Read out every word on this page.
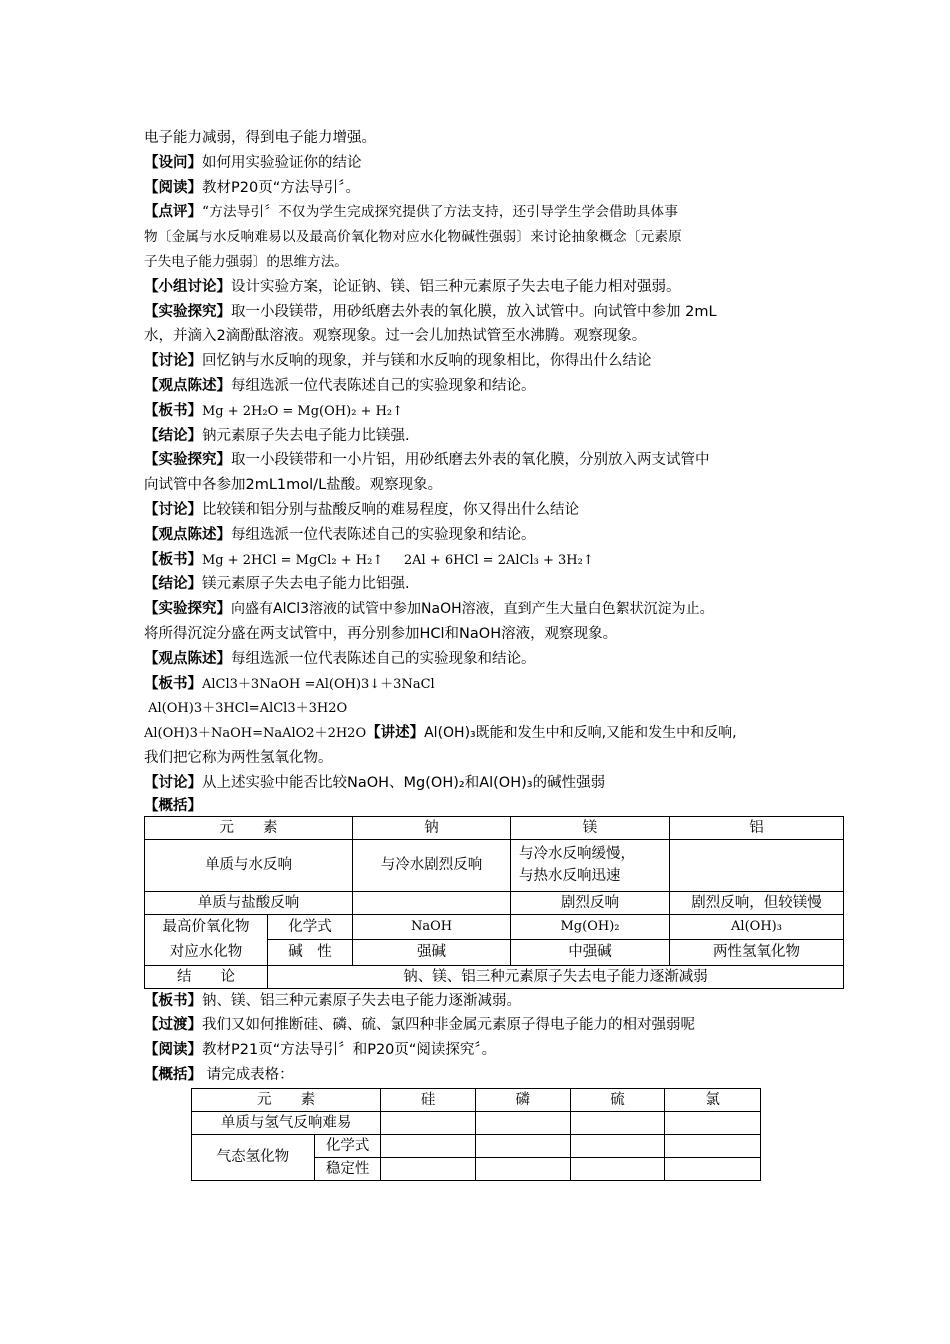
电子能力减弱，得到电子能力增强。
【设问】如何用实验验证你的结论
【阅读】教材P20页“方法导引〞。
【点评】“方法导引〞不仅为学生完成探究提供了方法支持，还引导学生学会借助具体事
物〔金属与水反响难易以及最高价氧化物对应水化物碱性强弱〕来讨论抽象概念〔元素原
子失电子能力强弱〕的思维方法。
【小组讨论】设计实验方案，论证钠、镁、铝三种元素原子失去电子能力相对强弱。
【实验探究】取一小段镁带，用砂纸磨去外表的氧化膜，放入试管中。向试管中参加 2mL
水，并滴入2滴酚酞溶液。观察现象。过一会儿加热试管至水沸腾。观察现象。
【讨论】回忆钠与水反响的现象，并与镁和水反响的现象相比，你得出什么结论
【观点陈述】每组选派一位代表陈述自己的实验现象和结论。
【板书】Mg + 2H₂O = Mg(OH)₂ + H₂↑
【结论】钠元素原子失去电子能力比镁强.
【实验探究】取一小段镁带和一小片铝，用砂纸磨去外表的氧化膜，分别放入两支试管中
向试管中各参加2mL1mol/L盐酸。观察现象。
【讨论】比较镁和铝分别与盐酸反响的难易程度，你又得出什么结论
【观点陈述】每组选派一位代表陈述自己的实验现象和结论。
【板书】Mg + 2HCl = MgCl₂ + H₂↑     2Al + 6HCl = 2AlCl₃ + 3H₂↑
【结论】镁元素原子失去电子能力比铝强.
【实验探究】向盛有AlCl3溶液的试管中参加NaOH溶液，直到产生大量白色絮状沉淀为止。
将所得沉淀分盛在两支试管中，再分别参加HCl和NaOH溶液，观察现象。
【观点陈述】每组选派一位代表陈述自己的实验现象和结论。
【板书】AlCl3＋3NaOH =Al(OH)3↓＋3NaCl
Al(OH)3＋3HCl=AlCl3＋3H2O
Al(OH)3＋NaOH=NaAlO2＋2H2O【讲述】Al(OH)₃既能和发生中和反响,又能和发生中和反响,
我们把它称为两性氢氧化物。
【讨论】从上述实验中能否比较NaOH、Mg(OH)₂和Al(OH)₃的碱性强弱
【概括】
元　　素		钠	镁	铝
单质与水反响		与冷水剧烈反响	与冷水反响缓慢，
与热水反响迅速	

单质与盐酸反响			剧烈反响	剧烈反响，但较镁慢

最高价氧化物
对应水化物	化学式	NaOH	Mg(OH)₂	Al(OH)₃
	碱　性	强碱	中强碱	两性氢氧化物
结　　论	钠、镁、铝三种元素原子失去电子能力逐渐减弱			
【板书】钠、镁、铝三种元素原子失去电子能力逐渐减弱。
【过渡】我们又如何推断硅、磷、硫、氯四种非金属元素原子得电子能力的相对强弱呢
【阅读】教材P21页“方法导引〞和P20页“阅读探究〞。
【概括】 请完成表格：
元　　素		硅	磷	硫	氯
单质与氢气反响难易					
气态氢化物	化学式				
	稳定性				
